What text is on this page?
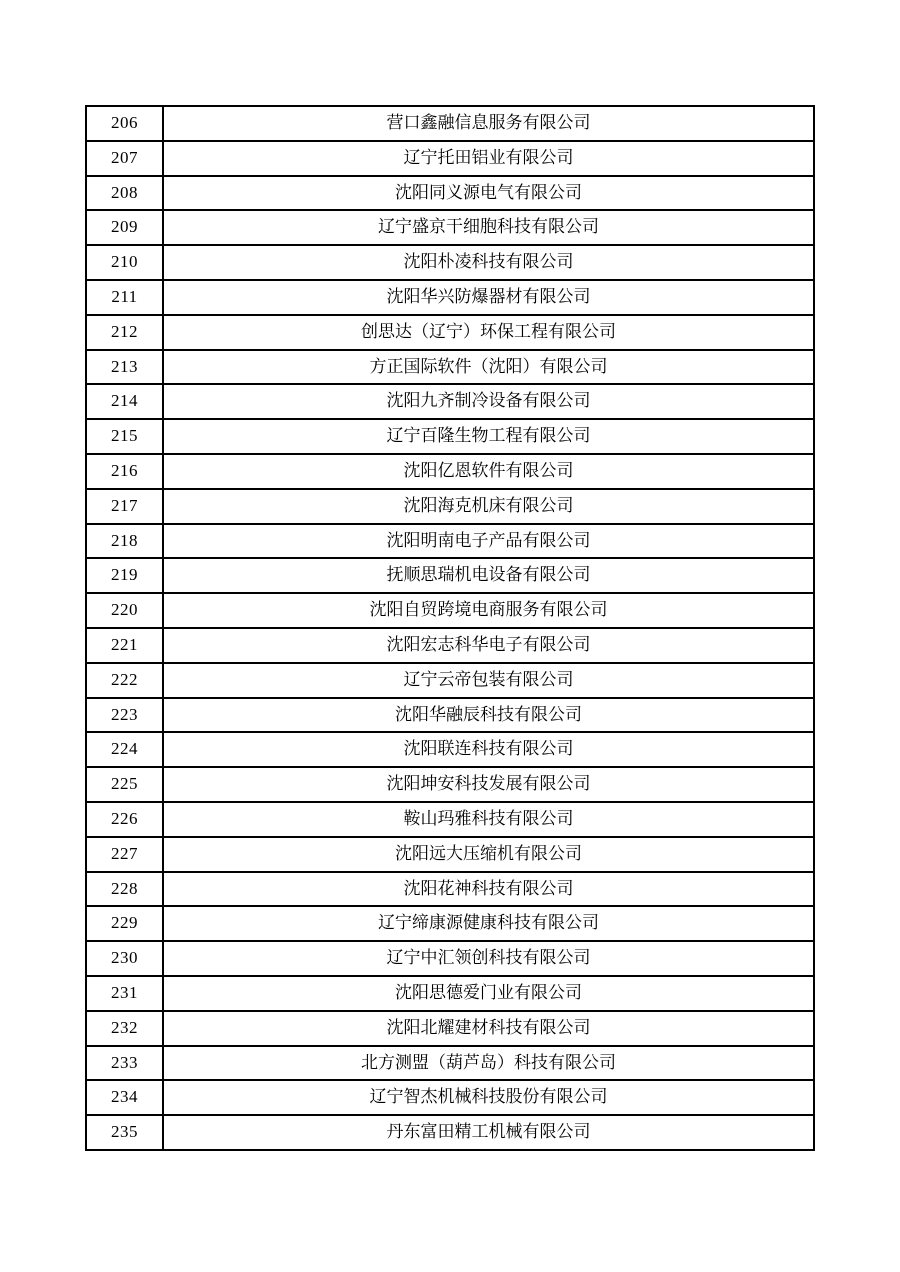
206	营口鑫融信息服务有限公司
207	辽宁托田铝业有限公司
208	沈阳同义源电气有限公司
209	辽宁盛京干细胞科技有限公司
210	沈阳朴凌科技有限公司
211	沈阳华兴防爆器材有限公司
212	创思达（辽宁）环保工程有限公司
213	方正国际软件（沈阳）有限公司
214	沈阳九齐制冷设备有限公司
215	辽宁百隆生物工程有限公司
216	沈阳亿恩软件有限公司
217	沈阳海克机床有限公司
218	沈阳明南电子产品有限公司
219	抚顺思瑞机电设备有限公司
220	沈阳自贸跨境电商服务有限公司
221	沈阳宏志科华电子有限公司
222	辽宁云帝包装有限公司
223	沈阳华融辰科技有限公司
224	沈阳联连科技有限公司
225	沈阳坤安科技发展有限公司
226	鞍山玛雅科技有限公司
227	沈阳远大压缩机有限公司
228	沈阳花神科技有限公司
229	辽宁缔康源健康科技有限公司
230	辽宁中汇领创科技有限公司
231	沈阳思德爱门业有限公司
232	沈阳北耀建材科技有限公司
233	北方测盟（葫芦岛）科技有限公司
234	辽宁智杰机械科技股份有限公司
235	丹东富田精工机械有限公司
